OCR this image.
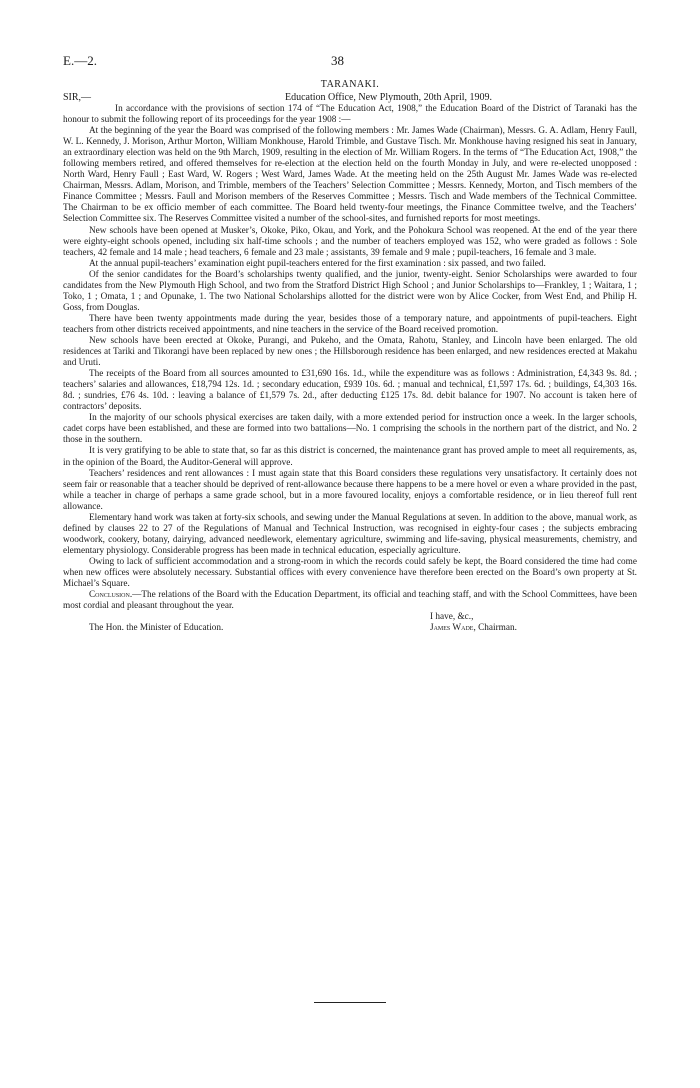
E.—2.	38
TARANAKI.
SIR,—	Education Office, New Plymouth, 20th April, 1909.

In accordance with the provisions of section 174 of “The Education Act, 1908,” the Education Board of the District of Taranaki has the honour to submit the following report of its proceedings for the year 1908 :—

At the beginning of the year the Board was comprised of the following members : Mr. James Wade (Chairman), Messrs. G. A. Adlam, Henry Faull, W. L. Kennedy, J. Morison, Arthur Morton, William Monkhouse, Harold Trimble, and Gustave Tisch. Mr. Monkhouse having resigned his seat in January, an extraordinary election was held on the 9th March, 1909, resulting in the election of Mr. William Rogers. In the terms of “The Education Act, 1908,” the following members retired, and offered themselves for re-election at the election held on the fourth Monday in July, and were re-elected unopposed : North Ward, Henry Faull ; East Ward, W. Rogers ; West Ward, James Wade. At the meeting held on the 25th August Mr. James Wade was re-elected Chairman, Messrs. Adlam, Morison, and Trimble, members of the Teachers’ Selection Committee ; Messrs. Kennedy, Morton, and Tisch members of the Finance Committee ; Messrs. Faull and Morison members of the Reserves Committee ; Messrs. Tisch and Wade members of the Technical Committee. The Chairman to be ex officio member of each committee. The Board held twenty-four meetings, the Finance Committee twelve, and the Teachers’ Selection Committee six. The Reserves Committee visited a number of the school-sites, and furnished reports for most meetings.

New schools have been opened at Musker’s, Okoke, Piko, Okau, and York, and the Pohokura School was reopened. At the end of the year there were eighty-eight schools opened, including six half-time schools ; and the number of teachers employed was 152, who were graded as follows : Sole teachers, 42 female and 14 male ; head teachers, 6 female and 23 male ; assistants, 39 female and 9 male ; pupil-teachers, 16 female and 3 male.

At the annual pupil-teachers’ examination eight pupil-teachers entered for the first examination : six passed, and two failed.

Of the senior candidates for the Board’s scholarships twenty qualified, and the junior, twenty-eight. Senior Scholarships were awarded to four candidates from the New Plymouth High School, and two from the Stratford District High School ; and Junior Scholarships to—Frankley, 1 ; Waitara, 1 ; Toko, 1 ; Omata, 1 ; and Opunake, 1. The two National Scholarships allotted for the district were won by Alice Cocker, from West End, and Philip H. Goss, from Douglas.

There have been twenty appointments made during the year, besides those of a temporary nature, and appointments of pupil-teachers. Eight teachers from other districts received appointments, and nine teachers in the service of the Board received promotion.

New schools have been erected at Okoke, Purangi, and Pukeho, and the Omata, Rahotu, Stanley, and Lincoln have been enlarged. The old residences at Tariki and Tikorangi have been replaced by new ones ; the Hillsborough residence has been enlarged, and new residences erected at Makahu and Uruti.

The receipts of the Board from all sources amounted to £31,690 16s. 1d., while the expenditure was as follows : Administration, £4,343 9s. 8d. ; teachers’ salaries and allowances, £18,794 12s. 1d. ; secondary education, £939 10s. 6d. ; manual and technical, £1,597 17s. 6d. ; buildings, £4,303 16s. 8d. ; sundries, £76 4s. 10d. : leaving a balance of £1,579 7s. 2d., after deducting £125 17s. 8d. debit balance for 1907. No account is taken here of contractors’ deposits.

In the majority of our schools physical exercises are taken daily, with a more extended period for instruction once a week. In the larger schools, cadet corps have been established, and these are formed into two battalions—No. 1 comprising the schools in the northern part of the district, and No. 2 those in the southern.

It is very gratifying to be able to state that, so far as this district is concerned, the maintenance grant has proved ample to meet all requirements, as, in the opinion of the Board, the Auditor-General will approve.

Teachers’ residences and rent allowances : I must again state that this Board considers these regulations very unsatisfactory. It certainly does not seem fair or reasonable that a teacher should be deprived of rent-allowance because there happens to be a mere hovel or even a whare provided in the past, while a teacher in charge of perhaps a same grade school, but in a more favoured locality, enjoys a comfortable residence, or in lieu thereof full rent allowance.

Elementary hand work was taken at forty-six schools, and sewing under the Manual Regulations at seven. In addition to the above, manual work, as defined by clauses 22 to 27 of the Regulations of Manual and Technical Instruction, was recognised in eighty-four cases ; the subjects embracing woodwork, cookery, botany, dairying, advanced needlework, elementary agriculture, swimming and life-saving, physical measurements, chemistry, and elementary physiology. Considerable progress has been made in technical education, especially agriculture.

Owing to lack of sufficient accommodation and a strong-room in which the records could safely be kept, the Board considered the time had come when new offices were absolutely necessary. Substantial offices with every convenience have therefore been erected on the Board’s own property at St. Michael’s Square.

Conclusion.—The relations of the Board with the Education Department, its official and teaching staff, and with the School Committees, have been most cordial and pleasant throughout the year.

I have, &c.,
The Hon. the Minister of Education.	James Wade, Chairman.
